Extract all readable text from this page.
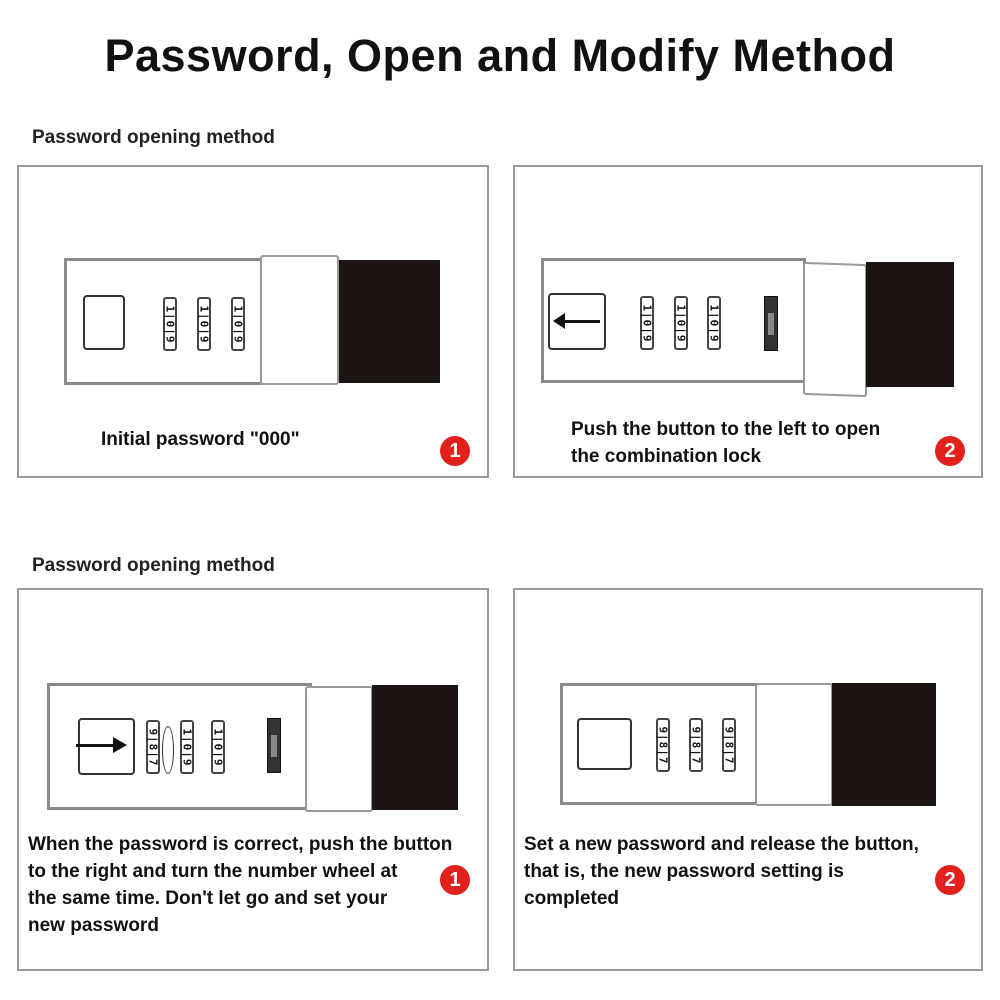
Password, Open and Modify Method
Password opening method
Password opening method
1|0|9 1|0|9 1|0|9
Initial password "000"	1
1|0|9 1|0|9 1|0|9
Push the button to the left to open
the combination lock	2
9|8|7 1|0|9 1|0|9
When the password is correct, push the button
to the right and turn the number wheel at
the same time. Don't let go and set your
new password
1
9|8|7 9|8|7 9|8|7
Set a new password and release the button,
that is, the new password setting is
completed
2
